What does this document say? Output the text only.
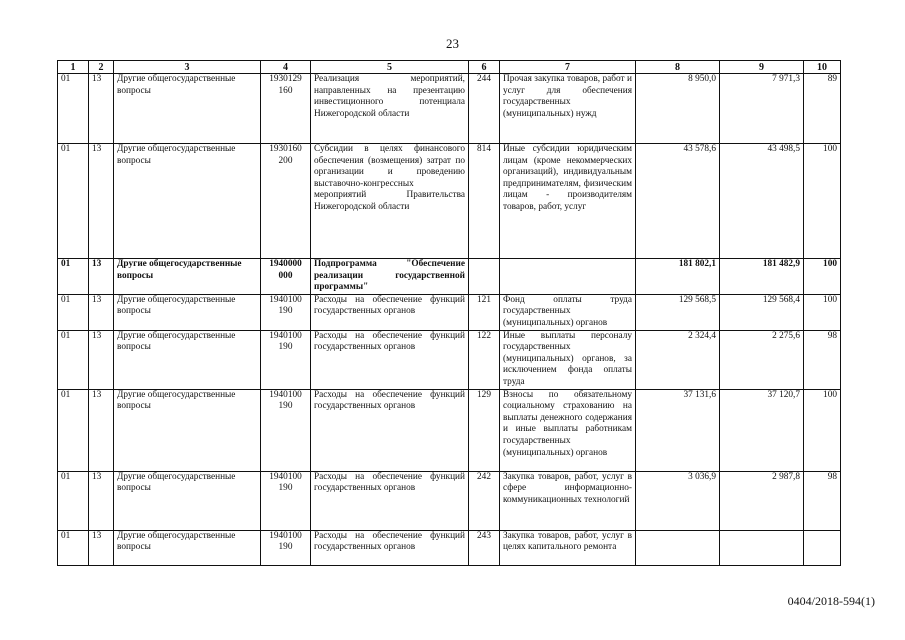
23
1	2	3	4	5	6	7	8	9	10
01	13	Другие общегосударственные вопросы	1930129 160	Реализация мероприятий, направленных на презентацию инвестиционного потенциала Нижегородской области	244	Прочая закупка товаров, работ и услуг для обеспечения государственных (муниципальных) нужд	8 950,0	7 971,3	89
01	13	Другие общегосударственные вопросы	1930160 200	Субсидии в целях финансового обеспечения (возмещения) затрат по организации и проведению выставочно-конгрессных мероприятий Правительства Нижегородской области	814	Иные субсидии юридическим лицам (кроме некоммерческих организаций), индивидуальным предпринимателям, физическим лицам - производителям товаров, работ, услуг	43 578,6	43 498,5	100
01	13	Другие общегосударственные вопросы	1940000 000	Подпрограмма "Обеспечение реализации государственной программы"			181 802,1	181 482,9	100
01	13	Другие общегосударственные вопросы	1940100 190	Расходы на обеспечение функций государственных органов	121	Фонд оплаты труда государственных (муниципальных) органов	129 568,5	129 568,4	100
01	13	Другие общегосударственные вопросы	1940100 190	Расходы на обеспечение функций государственных органов	122	Иные выплаты персоналу государственных (муниципальных) органов, за исключением фонда оплаты труда	2 324,4	2 275,6	98
01	13	Другие общегосударственные вопросы	1940100 190	Расходы на обеспечение функций государственных органов	129	Взносы по обязательному социальному страхованию на выплаты денежного содержания и иные выплаты работникам государственных (муниципальных) органов	37 131,6	37 120,7	100
01	13	Другие общегосударственные вопросы	1940100 190	Расходы на обеспечение функций государственных органов	242	Закупка товаров, работ, услуг в сфере информационно-коммуникационных технологий	3 036,9	2 987,8	98
01	13	Другие общегосударственные вопросы	1940100 190	Расходы на обеспечение функций государственных органов	243	Закупка товаров, работ, услуг в целях капитального ремонта			
0404/2018-594(1)
